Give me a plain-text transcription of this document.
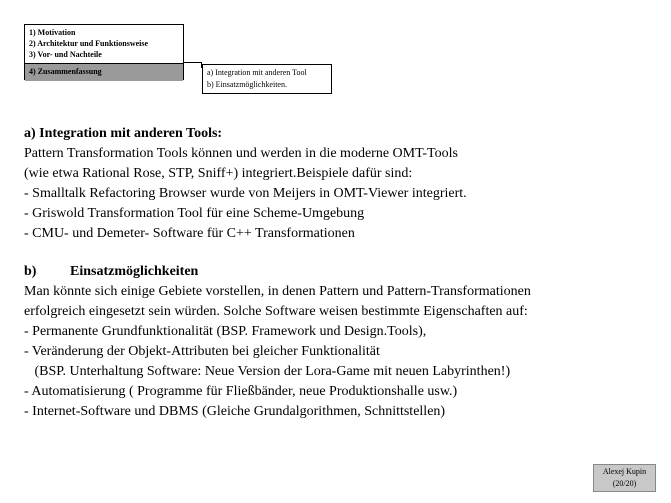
1) Motivation
2) Architektur und Funktionsweise
3) Vor- und Nachteile
4) Zusammenfassung	a) Integration mit anderen Tool
b) Einsatzmöglichkeiten.
a) Integration mit anderen Tools:
Pattern Transformation Tools können und werden in die moderne OMT-Tools
(wie etwa Rational Rose, STP, Sniff+) integriert.Beispiele dafür sind:
- Smalltalk Refactoring Browser wurde von Meijers in OMT-Viewer integriert.
- Griswold Transformation Tool für eine Scheme-Umgebung
- CMU- und Demeter- Software für C++ Transformationen
b) Einsatzmöglichkeiten
Man könnte sich einige Gebiete vorstellen, in denen Pattern und Pattern-Transformationen
erfolgreich eingesetzt sein würden. Solche Software weisen bestimmte Eigenschaften auf:
- Permanente Grundfunktionalität (BSP. Framework und Design.Tools),
- Veränderung der Objekt-Attributen bei gleicher Funktionalität
(BSP. Unterhaltung Software: Neue Version der Lora-Game mit neuen Labyrinthen!)
- Automatisierung ( Programme für Fließbänder, neue Produktionshalle usw.)
- Internet-Software und DBMS (Gleiche Grundalgorithmen, Schnittstellen)
Alexej Kupin
(20/20)
